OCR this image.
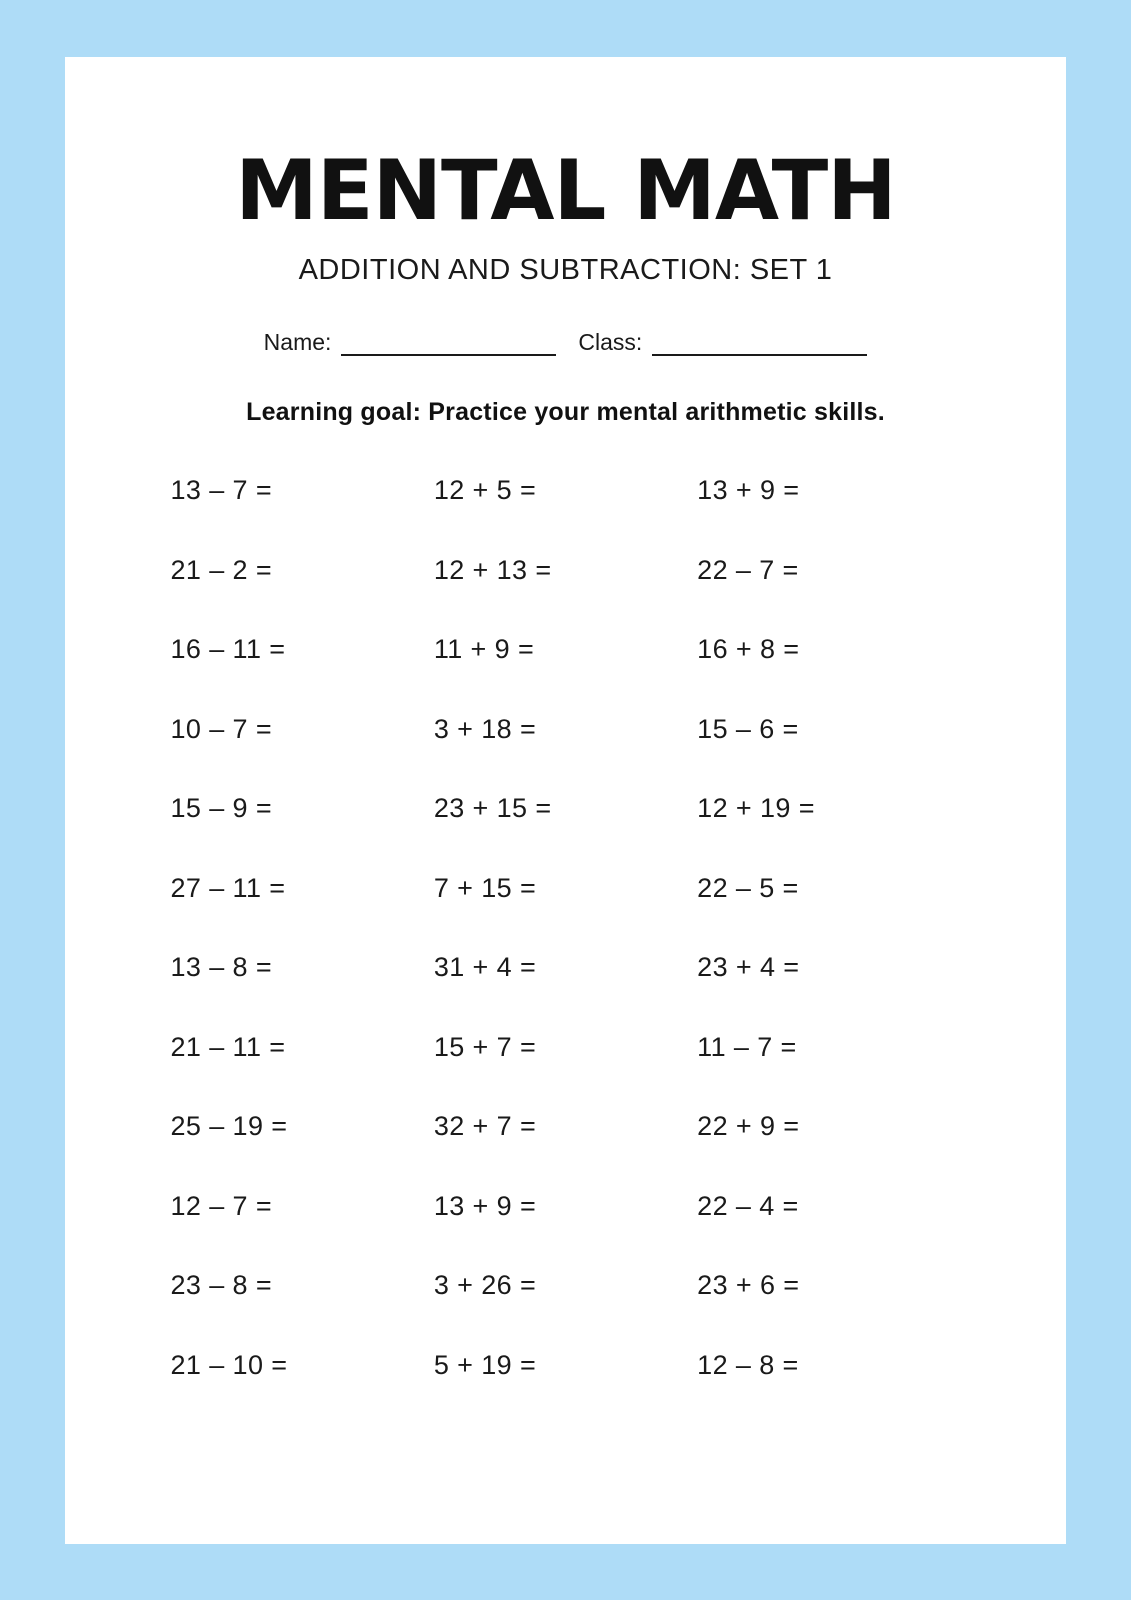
MENTAL MATH

ADDITION AND SUBTRACTION: SET 1

Name:	Class:

Learning goal: Practice your mental arithmetic skills.

13 – 7 =	12 + 5 =	13 + 9 =
21 – 2 =	12 + 13 =	22 – 7 =
16 – 11 =	11 + 9 =	16 + 8 =
10 – 7 =	3 + 18 =	15 – 6 =
15 – 9 =	23 + 15 =	12 + 19 =
27 – 11 =	7 + 15 =	22 – 5 =
13 – 8 =	31 + 4 =	23 + 4 =
21 – 11 =	15 + 7 =	11 – 7 =
25 – 19 =	32 + 7 =	22 + 9 =
12 – 7 =	13 + 9 =	22 – 4 =
23 – 8 =	3 + 26 =	23 + 6 =
21 – 10 =	5 + 19 =	12 – 8 =
